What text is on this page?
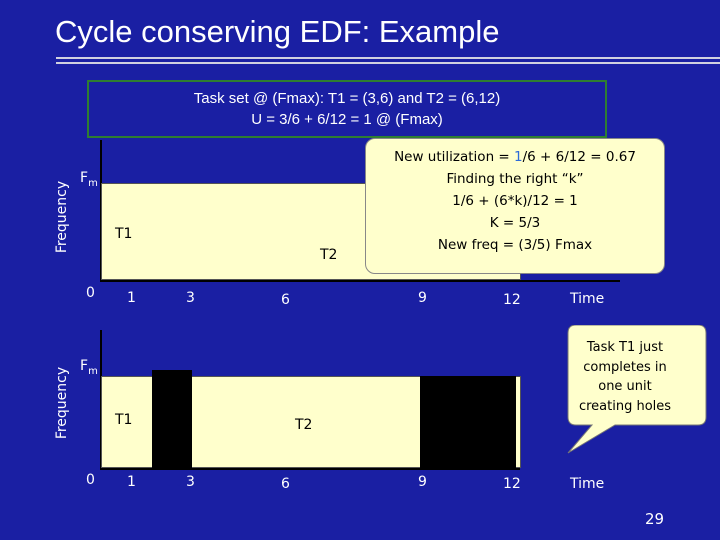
Cycle conserving EDF: Example
Task set @ (Fmax): T1 = (3,6) and T2 = (6,12)
U = 3/6 + 6/12 = 1 @ (Fmax)
Frequency
$F_m$
T1
T2
0 1	3	6	9	12	Time
New utilization = 1/6 + 6/12 = 0.67
Finding the right “k”
1/6 + (6*k)/12 = 1
K = 5/3
New freq = (3/5) Fmax
Frequency
$F_m$
T1	T2
0 1	3	6	9	12	Time
Task T1 just
completes in
one unit
creating holes
29
